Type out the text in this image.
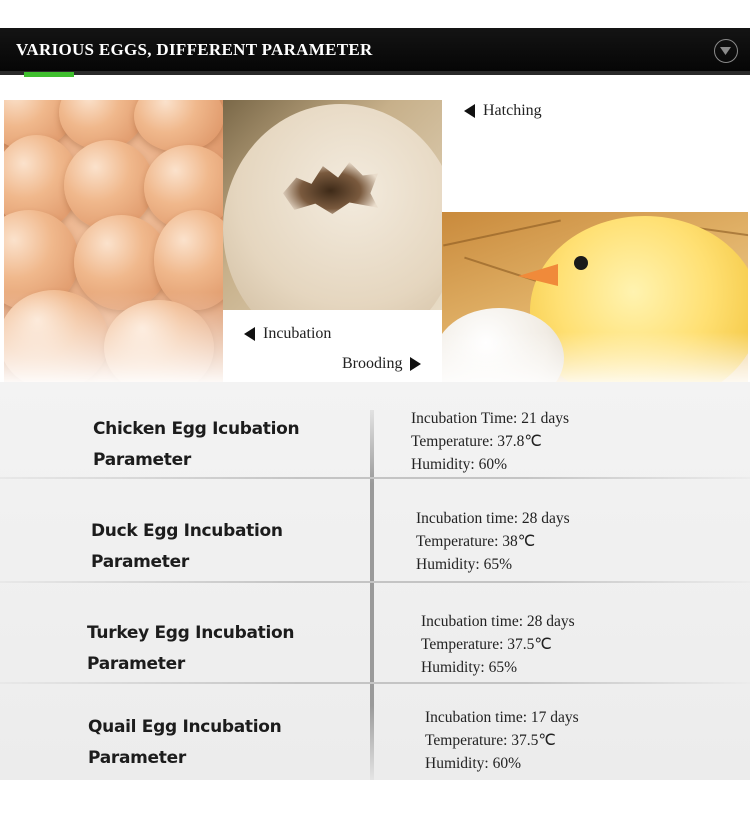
VARIOUS EGGS, DIFFERENT PARAMETER
Hatching
Incubation
Brooding
Chicken Egg Icubation
Parameter
Incubation Time: 21 days
Temperature: 37.8℃
Humidity: 60%
Duck Egg Incubation
Parameter
Incubation time: 28 days
Temperature: 38℃
Humidity: 65%
Turkey Egg Incubation
Parameter
Incubation time: 28 days
Temperature: 37.5℃
Humidity: 65%
Quail Egg Incubation
Parameter
Incubation time: 17 days
Temperature: 37.5℃
Humidity: 60%
